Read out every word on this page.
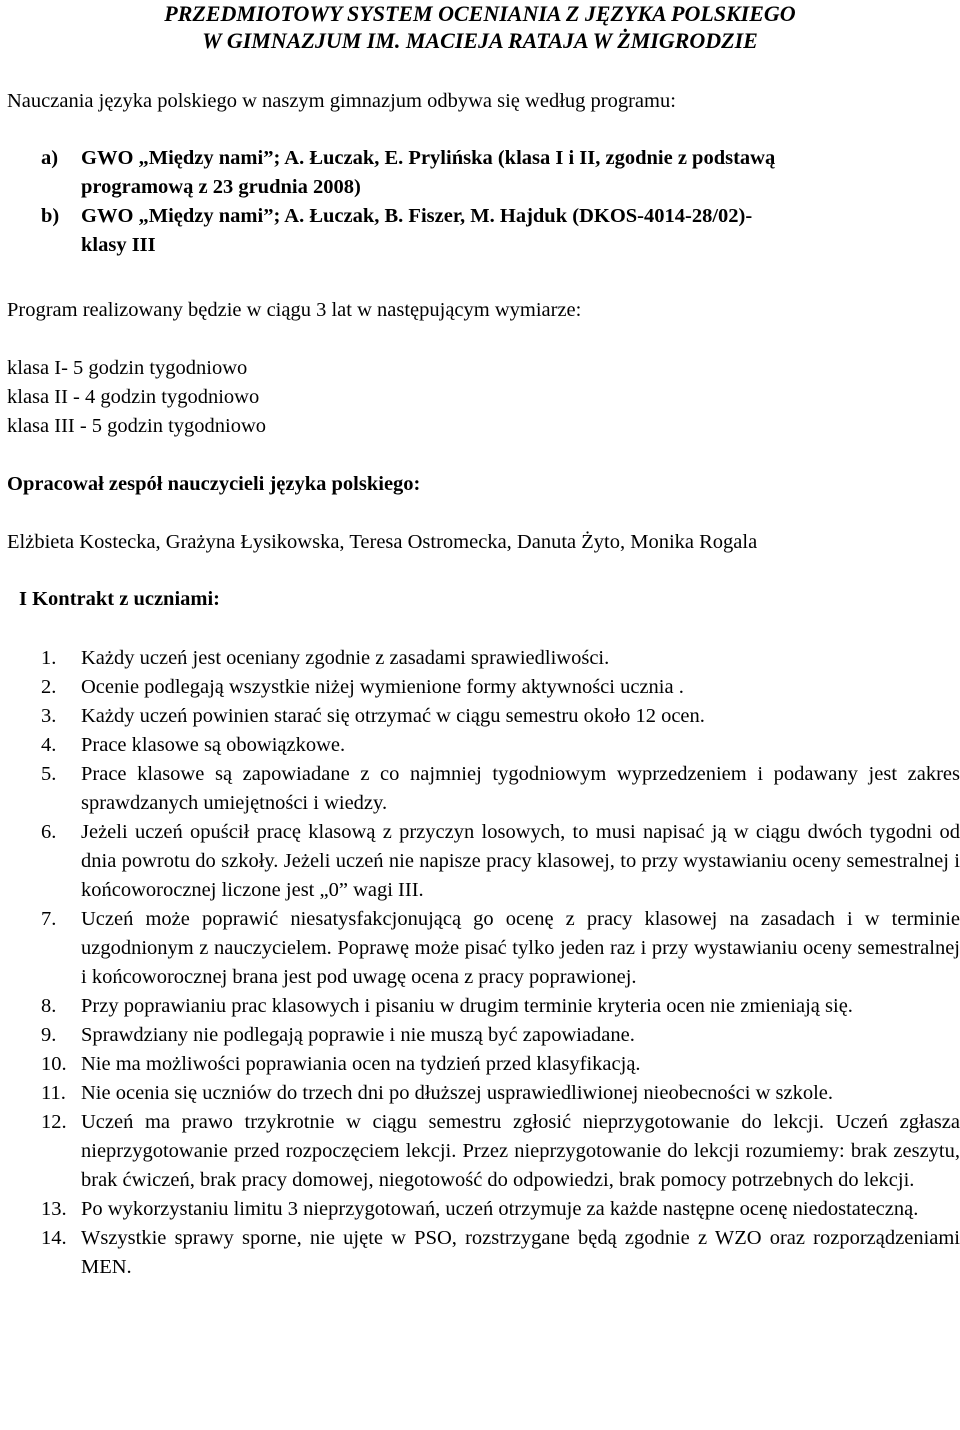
PRZEDMIOTOWY SYSTEM OCENIANIA Z JĘZYKA POLSKIEGO
W GIMNAZJUM IM. MACIEJA RATAJA W ŻMIGRODZIE

Nauczania języka polskiego w naszym gimnazjum odbywa się według programu:

a) GWO „Między nami”; A. Łuczak, E. Prylińska (klasa I i II, zgodnie z podstawą
programową z 23 grudnia 2008)
b) GWO „Między nami”; A. Łuczak, B. Fiszer, M. Hajduk (DKOS-4014-28/02)-
klasy III

Program realizowany będzie w ciągu 3 lat w następującym wymiarze:

klasa I- 5 godzin tygodniowo
klasa II - 4 godzin tygodniowo
klasa III - 5 godzin tygodniowo

Opracował zespół nauczycieli języka polskiego:

Elżbieta Kostecka, Grażyna Łysikowska, Teresa Ostromecka, Danuta Żyto, Monika Rogala

I Kontrakt z uczniami:

1. Każdy uczeń jest oceniany zgodnie z zasadami sprawiedliwości.
2. Ocenie podlegają wszystkie niżej wymienione formy aktywności ucznia .
3. Każdy uczeń powinien starać się otrzymać w ciągu semestru około 12 ocen.
4. Prace klasowe są obowiązkowe.
5. Prace klasowe są zapowiadane z co najmniej tygodniowym wyprzedzeniem i podawany jest zakres sprawdzanych umiejętności i wiedzy.
6. Jeżeli uczeń opuścił pracę klasową z przyczyn losowych, to musi napisać ją w ciągu dwóch tygodni od dnia powrotu do szkoły. Jeżeli uczeń nie napisze pracy klasowej, to przy wystawianiu oceny semestralnej i końcoworocznej liczone jest „0” wagi III.
7. Uczeń może poprawić niesatysfakcjonującą go ocenę z pracy klasowej na zasadach i w terminie uzgodnionym z nauczycielem. Poprawę może pisać tylko jeden raz i przy wystawianiu oceny semestralnej i końcoworocznej brana jest pod uwagę ocena z pracy poprawionej.
8. Przy poprawianiu prac klasowych i pisaniu w drugim terminie kryteria ocen nie zmieniają się.
9. Sprawdziany nie podlegają poprawie i nie muszą być zapowiadane.
10. Nie ma możliwości poprawiania ocen na tydzień przed klasyfikacją.
11. Nie ocenia się uczniów do trzech dni po dłuższej usprawiedliwionej nieobecności w szkole.
12. Uczeń ma prawo trzykrotnie w ciągu semestru zgłosić nieprzygotowanie do lekcji. Uczeń zgłasza nieprzygotowanie przed rozpoczęciem lekcji. Przez nieprzygotowanie do lekcji rozumiemy: brak zeszytu, brak ćwiczeń, brak pracy domowej, niegotowość do odpowiedzi, brak pomocy potrzebnych do lekcji.
13. Po wykorzystaniu limitu 3 nieprzygotowań, uczeń otrzymuje za każde następne ocenę niedostateczną.
14. Wszystkie sprawy sporne, nie ujęte w PSO, rozstrzygane będą zgodnie z WZO oraz rozporządzeniami MEN.
